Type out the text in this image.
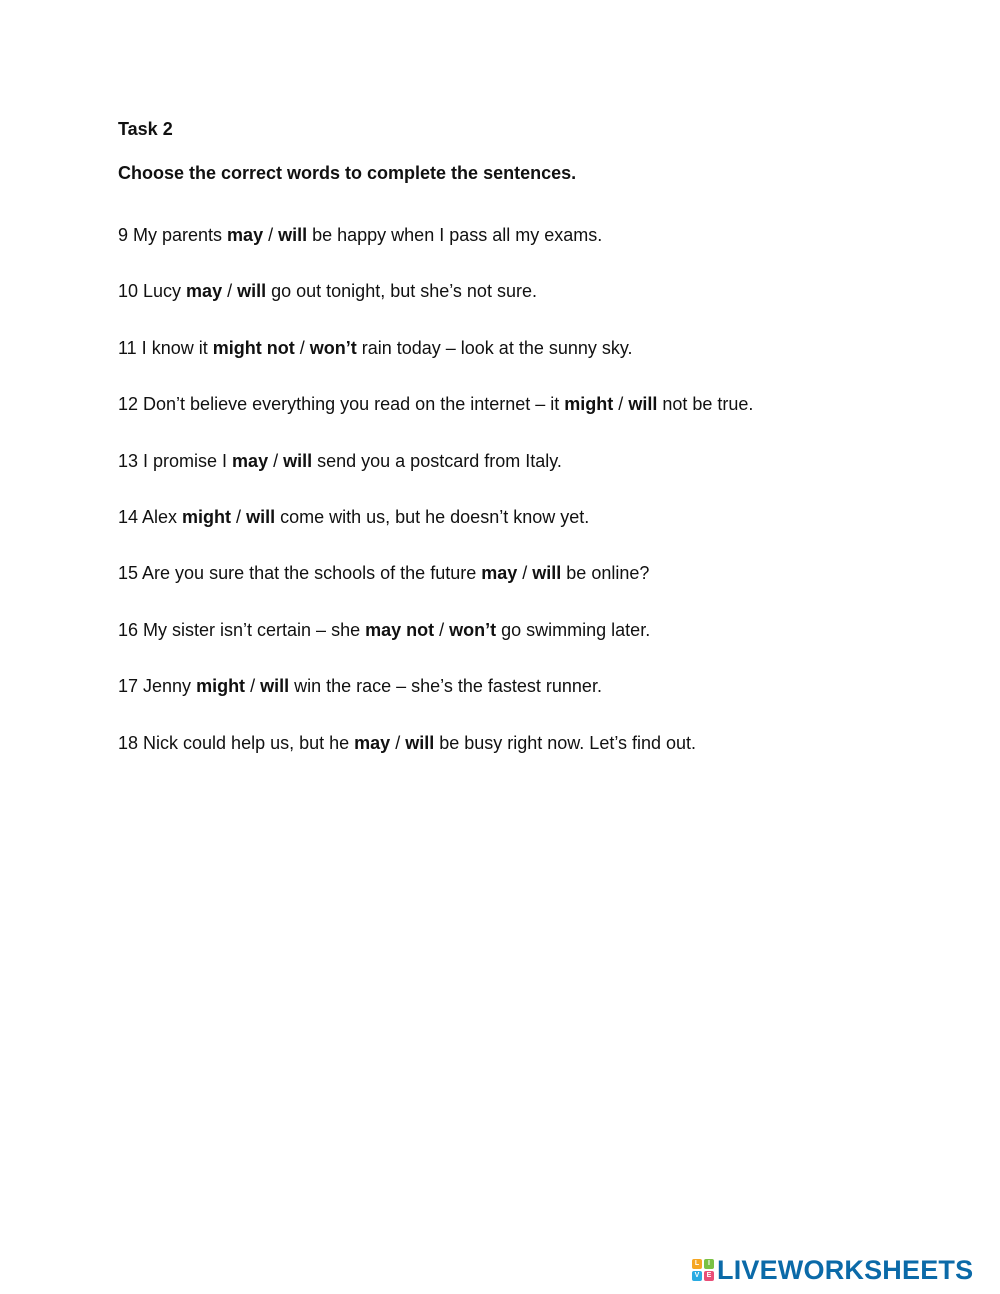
Task 2
Choose the correct words to complete the sentences.
9 My parents may / will be happy when I pass all my exams.
10 Lucy may / will go out tonight, but she’s not sure.
11 I know it might not / won’t rain today – look at the sunny sky.
12 Don’t believe everything you read on the internet – it might / will not be true.
13 I promise I may / will send you a postcard from Italy.
14 Alex might / will come with us, but he doesn’t know yet.
15 Are you sure that the schools of the future may / will be online?
16 My sister isn’t certain – she may not / won’t go swimming later.
17 Jenny might / will win the race – she’s the fastest runner.
18 Nick could help us, but he may / will be busy right now. Let’s find out.
L	I
V	E LIVEWORKSHEETS
